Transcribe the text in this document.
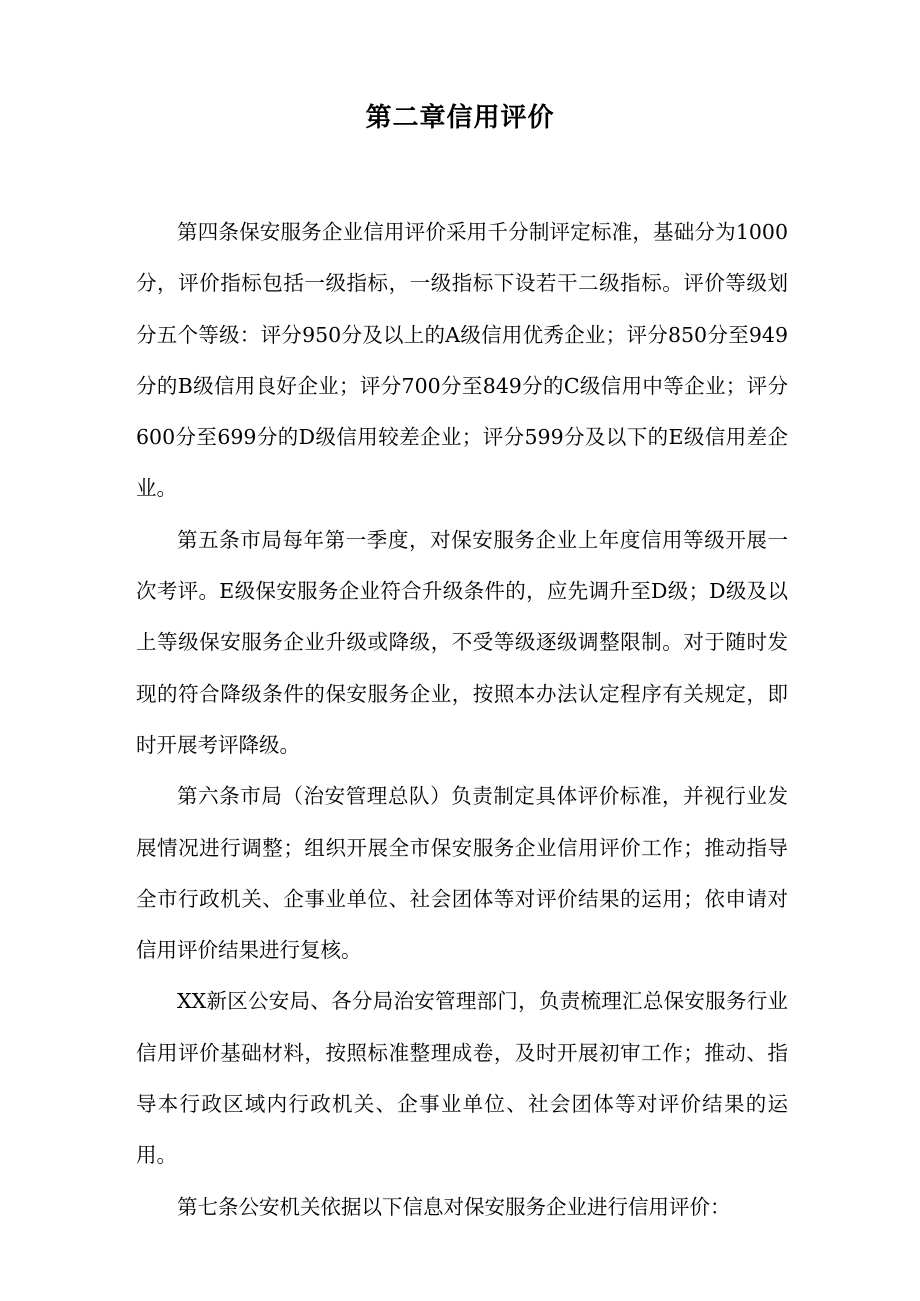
第二章信用评价

第四条保安服务企业信用评价采用千分制评定标准，基础分为1000分，评价指标包括一级指标，一级指标下设若干二级指标。评价等级划分五个等级：评分950分及以上的A级信用优秀企业；评分850分至949分的B级信用良好企业；评分700分至849分的C级信用中等企业；评分600分至699分的D级信用较差企业；评分599分及以下的E级信用差企业。

第五条市局每年第一季度，对保安服务企业上年度信用等级开展一次考评。E级保安服务企业符合升级条件的，应先调升至D级；D级及以上等级保安服务企业升级或降级，不受等级逐级调整限制。对于随时发现的符合降级条件的保安服务企业，按照本办法认定程序有关规定，即时开展考评降级。

第六条市局（治安管理总队）负责制定具体评价标准，并视行业发展情况进行调整；组织开展全市保安服务企业信用评价工作；推动指导全市行政机关、企事业单位、社会团体等对评价结果的运用；依申请对信用评价结果进行复核。

XX新区公安局、各分局治安管理部门，负责梳理汇总保安服务行业信用评价基础材料，按照标准整理成卷，及时开展初审工作；推动、指导本行政区域内行政机关、企事业单位、社会团体等对评价结果的运用。

第七条公安机关依据以下信息对保安服务企业进行信用评价：
